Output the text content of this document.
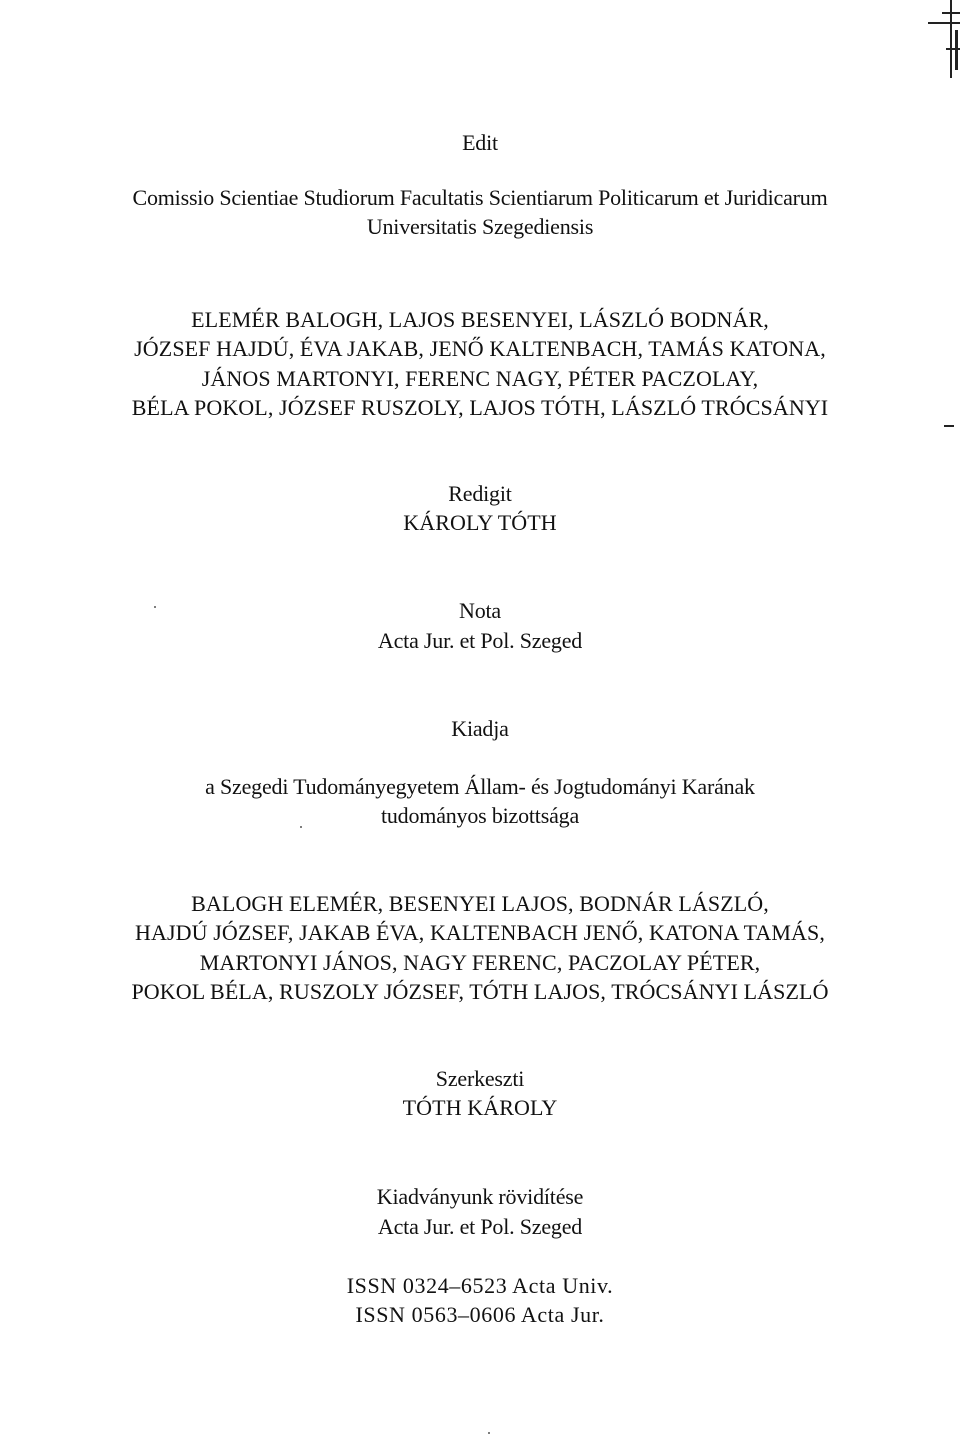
Edit
Comissio Scientiae Studiorum Facultatis Scientiarum Politicarum et Juridicarum
Universitatis Szegediensis
ELEMÉR BALOGH, LAJOS BESENYEI, LÁSZLÓ BODNÁR,
JÓZSEF HAJDÚ, ÉVA JAKAB, JENŐ KALTENBACH, TAMÁS KATONA,
JÁNOS MARTONYI, FERENC NAGY, PÉTER PACZOLAY,
BÉLA POKOL, JÓZSEF RUSZOLY, LAJOS TÓTH, LÁSZLÓ TRÓCSÁNYI
Redigit
KÁROLY TÓTH
Nota
Acta Jur. et Pol. Szeged
Kiadja
a Szegedi Tudományegyetem Állam- és Jogtudományi Karának
tudományos bizottsága
BALOGH ELEMÉR, BESENYEI LAJOS, BODNÁR LÁSZLÓ,
HAJDÚ JÓZSEF, JAKAB ÉVA, KALTENBACH JENŐ, KATONA TAMÁS,
MARTONYI JÁNOS, NAGY FERENC, PACZOLAY PÉTER,
POKOL BÉLA, RUSZOLY JÓZSEF, TÓTH LAJOS, TRÓCSÁNYI LÁSZLÓ
Szerkeszti
TÓTH KÁROLY
Kiadványunk rövidítése
Acta Jur. et Pol. Szeged
ISSN 0324–6523 Acta Univ.
ISSN 0563–0606 Acta Jur.
